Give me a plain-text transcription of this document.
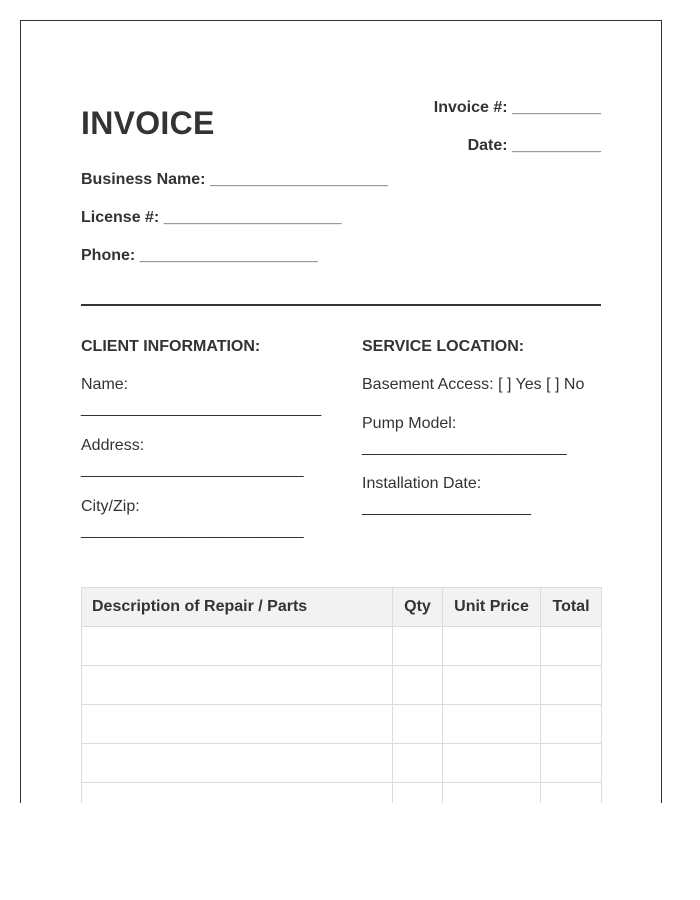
INVOICE	Invoice #: __________
Date: __________
Business Name: ____________________
License #: ____________________
Phone: ____________________
CLIENT INFORMATION:
Name:
___________________________
Address:
_________________________
City/Zip:
_________________________
SERVICE LOCATION:
Basement Access: [ ] Yes [ ] No
Pump Model:
_______________________
Installation Date:
___________________
Description of Repair / Parts	Qty	Unit Price	Total
